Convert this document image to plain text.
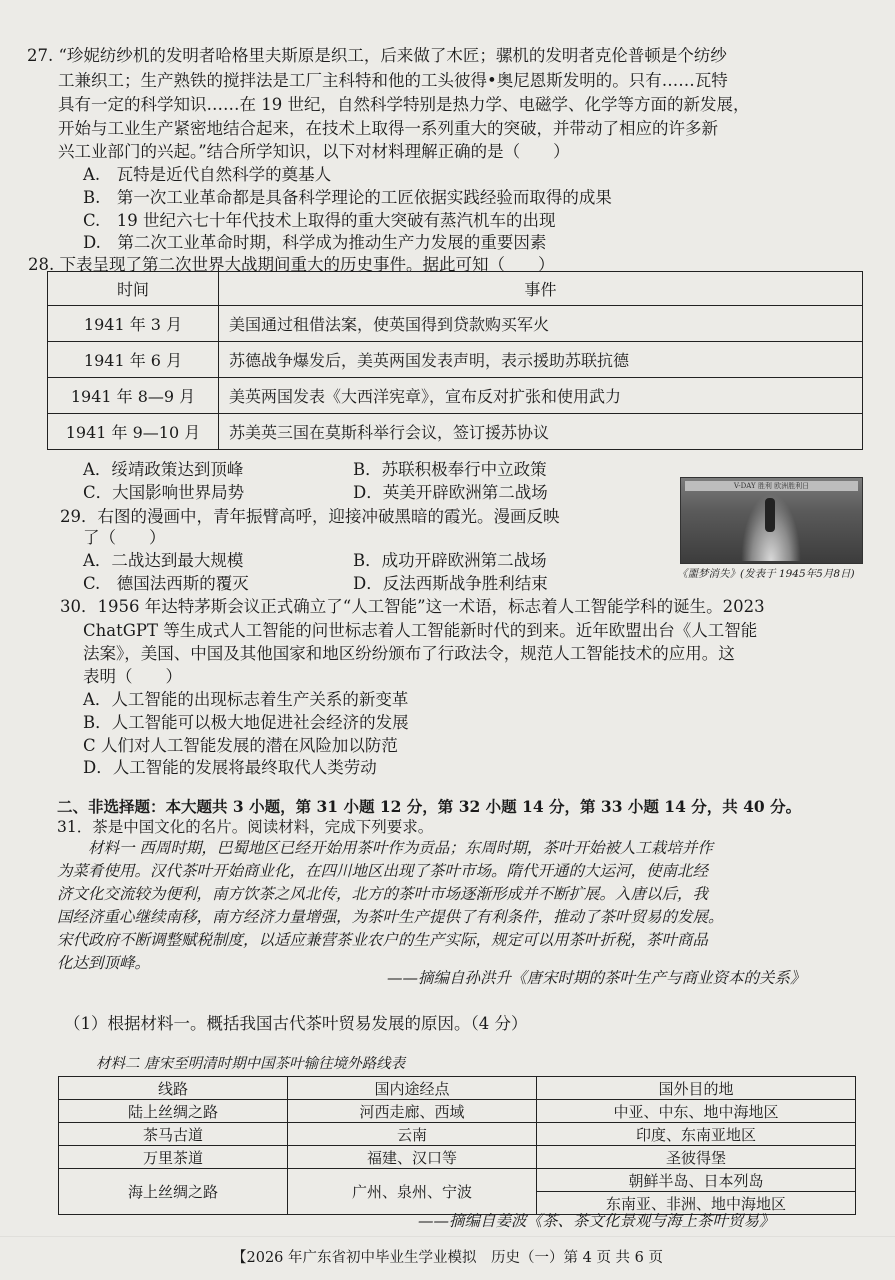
27. “珍妮纺纱机的发明者哈格里夫斯原是织工，后来做了木匠；骡机的发明者克伦普顿是个纺纱
工兼织工；生产熟铁的搅拌法是工厂主科特和他的工头彼得•奥尼恩斯发明的。只有……瓦特
具有一定的科学知识……在 19 世纪，自然科学特别是热力学、电磁学、化学等方面的新发展，
开始与工业生产紧密地结合起来，在技术上取得一系列重大的突破，并带动了相应的许多新
兴工业部门的兴起。”结合所学知识，以下对材料理解正确的是（　　）
A.　瓦特是近代自然科学的奠基人
B.　第一次工业革命都是具备科学理论的工匠依据实践经验而取得的成果
C.　19 世纪六七十年代技术上取得的重大突破有蒸汽机车的出现
D.　第二次工业革命时期，科学成为推动生产力发展的重要因素
28. 下表呈现了第二次世界大战期间重大的历史事件。据此可知（　　）
时间	事件
1941 年 3 月	美国通过租借法案，使英国得到贷款购买军火
1941 年 6 月	苏德战争爆发后，美英两国发表声明，表示援助苏联抗德
1941 年 8—9 月	美英两国发表《大西洋宪章》，宣布反对扩张和使用武力
1941 年 9—10 月	苏美英三国在莫斯科举行会议，签订援苏协议
A．绥靖政策达到顶峰	B．苏联积极奉行中立政策
C．大国影响世界局势	D．英美开辟欧洲第二战场
29．右图的漫画中，青年振臂高呼，迎接冲破黑暗的霞光。漫画反映
了（　　）
A．二战达到最大规模	B．成功开辟欧洲第二战场
C.　德国法西斯的覆灭	D．反法西斯战争胜利结束
V-DAY 胜利 欧洲胜利日
《噩梦消失》(发表于 1945年5月8日)
30．1956 年达特茅斯会议正式确立了“人工智能”这一术语，标志着人工智能学科的诞生。2023
ChatGPT 等生成式人工智能的问世标志着人工智能新时代的到来。近年欧盟出台《人工智能
法案》，美国、中国及其他国家和地区纷纷颁布了行政法令，规范人工智能技术的应用。这
表明（　　）
A．人工智能的出现标志着生产关系的新变革
B．人工智能可以极大地促进社会经济的发展
C 人们对人工智能发展的潜在风险加以防范
D．人工智能的发展将最终取代人类劳动
二、非选择题：本大题共 3 小题，第 31 小题 12 分，第 32 小题 14 分，第 33 小题 14 分，共 40 分。
31．茶是中国文化的名片。阅读材料，完成下列要求。
材料一 西周时期，巴蜀地区已经开始用茶叶作为贡品；东周时期，茶叶开始被人工栽培并作
为菜肴使用。汉代茶叶开始商业化，在四川地区出现了茶叶市场。隋代开通的大运河，使南北经
济文化交流较为便利，南方饮茶之风北传，北方的茶叶市场逐渐形成并不断扩展。入唐以后，我
国经济重心继续南移，南方经济力量增强，为茶叶生产提供了有利条件，推动了茶叶贸易的发展。
宋代政府不断调整赋税制度，以适应兼营茶业农户的生产实际，规定可以用茶叶折税，茶叶商品
化达到顶峰。
——摘编自孙洪升《唐宋时期的茶叶生产与商业资本的关系》
（1）根据材料一。概括我国古代茶叶贸易发展的原因。（4 分）
材料二 唐宋至明清时期中国茶叶输往境外路线表
线路	国内途经点	国外目的地
陆上丝绸之路	河西走廊、西域	中亚、中东、地中海地区
茶马古道	云南	印度、东南亚地区
万里茶道	福建、汉口等	圣彼得堡
海上丝绸之路	广州、泉州、宁波	朝鲜半岛、日本列岛
		东南亚、非洲、地中海地区
——摘编自姜波《茶、茶文化景观与海上茶叶贸易》
【2026 年广东省初中毕业生学业模拟　历史（一）第 4 页 共 6 页
